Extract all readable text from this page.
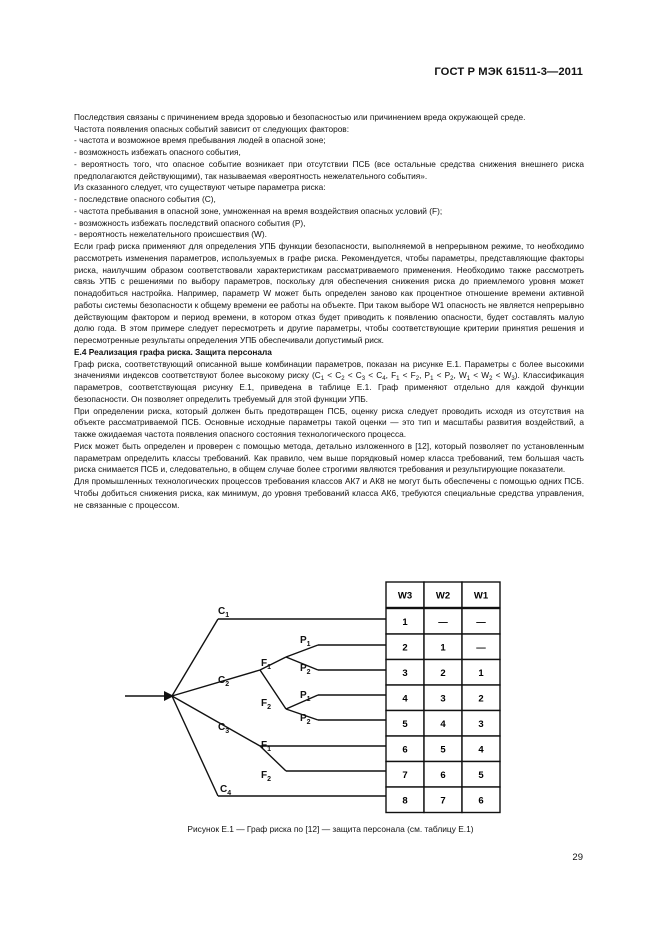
ГОСТ Р МЭК 61511-3—2011

Последствия связаны с причинением вреда здоровью и безопасностью или причинением вреда окружающей среде.

Частота появления опасных событий зависит от следующих факторов:

- частота и возможное время пребывания людей в опасной зоне;

- возможность избежать опасного события,

- вероятность того, что опасное событие возникает при отсутствии ПСБ (все остальные средства снижения внешнего риска предполагаются действующими), так называемая «вероятность нежелательного события».

Из сказанного следует, что существуют четыре параметра риска:

- последствие опасного события (С),

- частота пребывания в опасной зоне, умноженная на время воздействия опасных условий (F);

- возможность избежать последствий опасного события (Р),

- вероятность нежелательного происшествия (W).

Если граф риска применяют для определения УПБ функции безопасности, выполняемой в непрерывном режиме, то необходимо рассмотреть изменения параметров, используемых в графе риска. Рекомендуется, чтобы параметры, представляющие факторы риска, наилучшим образом соответствовали характеристикам рассматриваемого применения. Необходимо также рассмотреть связь УПБ с решениями по выбору параметров, поскольку для обеспечения снижения риска до приемлемого уровня может понадобиться настройка. Например, параметр W может быть определен заново как процентное отношение времени активной работы системы безопасности к общему времени ее работы на объекте. При таком выборе W1 опасность не является непрерывно действующим фактором и период времени, в котором отказ будет приводить к появлению опасности, будет составлять малую долю года. В этом примере следует пересмотреть и другие параметры, чтобы соответствующие критерии принятия решения и пересмотренные результаты определения УПБ обеспечивали допустимый риск.

Е.4 Реализация графа риска. Защита персонала

Граф риска, соответствующий описанной выше комбинации параметров, показан на рисунке Е.1. Параметры с более высокими значениями индексов соответствуют более высокому риску ($C_1 < C_2 < C_3 < C_4$, $F_1 < F_2$, $P_1 < P_2$, $W_1 < W_2 < W_3$). Классификация параметров, соответствующая рисунку Е.1, приведена в таблице Е.1. Граф применяют отдельно для каждой функции безопасности. Он позволяет определить требуемый для этой функции УПБ.

При определении риска, который должен быть предотвращен ПСБ, оценку риска следует проводить исходя из отсутствия на объекте рассматриваемой ПСБ. Основные исходные параметры такой оценки — это тип и масштабы развития воздействий, а также ожидаемая частота появления опасного состояния технологического процесса.

Риск может быть определен и проверен с помощью метода, детально изложенного в [12], который позволяет по установленным параметрам определить классы требований. Как правило, чем выше порядковый номер класса требований, тем большая часть риска снимается ПСБ и, следовательно, в общем случае более строгими являются требования и результирующие показатели.

Для промышленных технологических процессов требования классов АК7 и АК8 не могут быть обеспечены с помощью одних ПСБ. Чтобы добиться снижения риска, как минимум, до уровня требований класса АК6, требуются специальные средства управления, не связанные с процессом.

$C_1$
$C_2$
$C_3$
$C_4$
$F_1$
$F_2$
$F_1$
$F_2$
$P_1$
$P_2$
$P_1$
$P_2$
W3	W2	W1
1	—	—
2	1	—
3	2	1
4	3	2
5	4	3
6	5	4
7	6	5
8	7	6
Рисунок Е.1 — Граф риска по [12] — защита персонала (см. таблицу Е.1)
29
